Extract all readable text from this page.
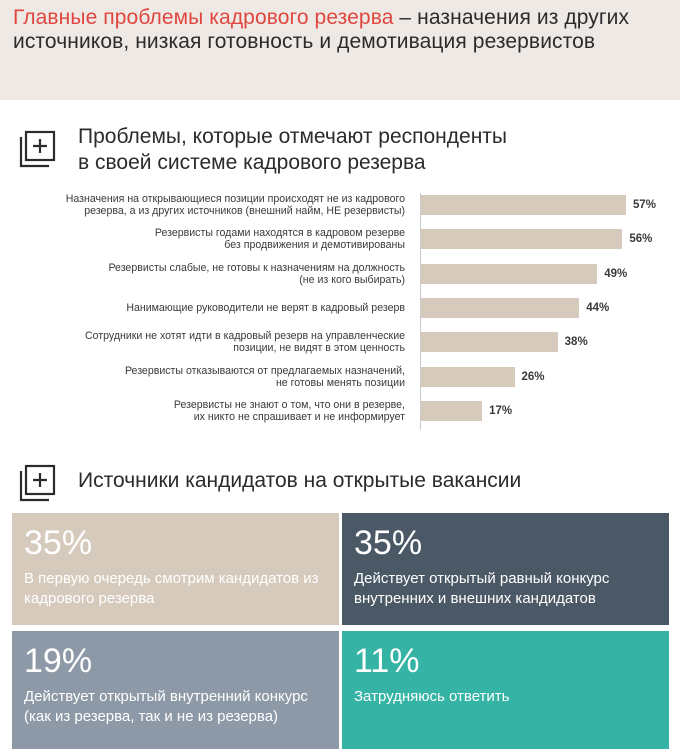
Главные проблемы кадрового резерва – назначения из других источников, низкая готовность и демотивация резервистов
Проблемы, которые отмечают респонденты
в своей системе кадрового резерва
Назначения на открывающиеся позиции происходят не из кадрового
резерва, а из других источников (внешний найм, НЕ резервисты)	57%
Резервисты годами находятся в кадровом резерве
без продвижения и демотивированы	56%
Резервисты слабые, не готовы к назначениям на должность
(не из кого выбирать)	49%
Нанимающие руководители не верят в кадровый резерв	44%
Сотрудники не хотят идти в кадровый резерв на управленческие
позиции, не видят в этом ценность	38%
Резервисты отказываются от предлагаемых назначений,
не готовы менять позиции	26%
Резервисты не знают о том, что они в резерве,
их никто не спрашивает и не информирует	17%
Источники кандидатов на открытые вакансии
35%
В первую очередь смотрим кандидатов из кадрового резерва
35%
Действует открытый равный конкурс внутренних и внешних кандидатов
19%
Действует открытый внутренний конкурс (как из резерва, так и не из резерва)
11%
Затрудняюсь ответить
